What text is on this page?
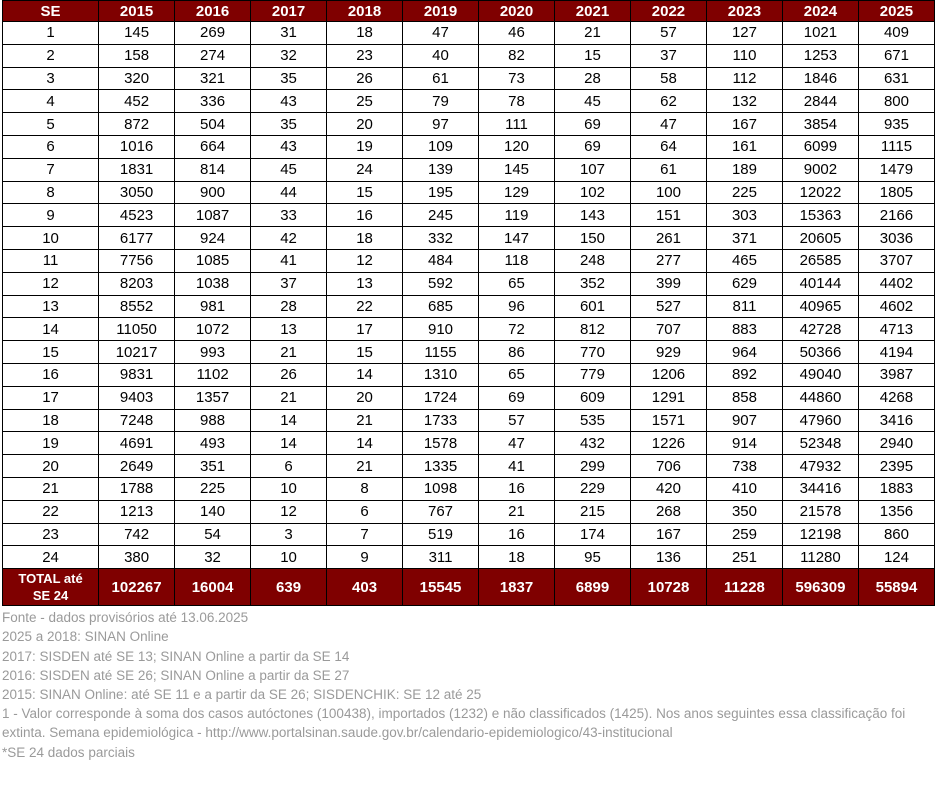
SE	2015	2016	2017	2018	2019	2020	2021	2022	2023	2024	2025
1	145	269	31	18	47	46	21	57	127	1021	409
2	158	274	32	23	40	82	15	37	110	1253	671
3	320	321	35	26	61	73	28	58	112	1846	631
4	452	336	43	25	79	78	45	62	132	2844	800
5	872	504	35	20	97	111	69	47	167	3854	935
6	1016	664	43	19	109	120	69	64	161	6099	1115
7	1831	814	45	24	139	145	107	61	189	9002	1479
8	3050	900	44	15	195	129	102	100	225	12022	1805
9	4523	1087	33	16	245	119	143	151	303	15363	2166
10	6177	924	42	18	332	147	150	261	371	20605	3036
11	7756	1085	41	12	484	118	248	277	465	26585	3707
12	8203	1038	37	13	592	65	352	399	629	40144	4402
13	8552	981	28	22	685	96	601	527	811	40965	4602
14	11050	1072	13	17	910	72	812	707	883	42728	4713
15	10217	993	21	15	1155	86	770	929	964	50366	4194
16	9831	1102	26	14	1310	65	779	1206	892	49040	3987
17	9403	1357	21	20	1724	69	609	1291	858	44860	4268
18	7248	988	14	21	1733	57	535	1571	907	47960	3416
19	4691	493	14	14	1578	47	432	1226	914	52348	2940
20	2649	351	6	21	1335	41	299	706	738	47932	2395
21	1788	225	10	8	1098	16	229	420	410	34416	1883
22	1213	140	12	6	767	21	215	268	350	21578	1356
23	742	54	3	7	519	16	174	167	259	12198	860
24	380	32	10	9	311	18	95	136	251	11280	124
TOTAL até
SE 24	102267	16004	639	403	15545	1837	6899	10728	11228	596309	55894
Fonte - dados provisórios até 13.06.2025
2025 a 2018: SINAN Online
2017: SISDEN até SE 13; SINAN Online a partir da SE 14
2016: SISDEN até SE 26; SINAN Online a partir da SE 27
2015: SINAN Online: até SE 11 e a partir da SE 26; SISDENCHIK: SE 12 até 25
1 - Valor corresponde à soma dos casos autóctones (100438), importados (1232) e não classificados (1425). Nos anos seguintes essa classificação foi extinta. Semana epidemiológica - http://www.portalsinan.saude.gov.br/calendario-epidemiologico/43-institucional
*SE 24 dados parciais
